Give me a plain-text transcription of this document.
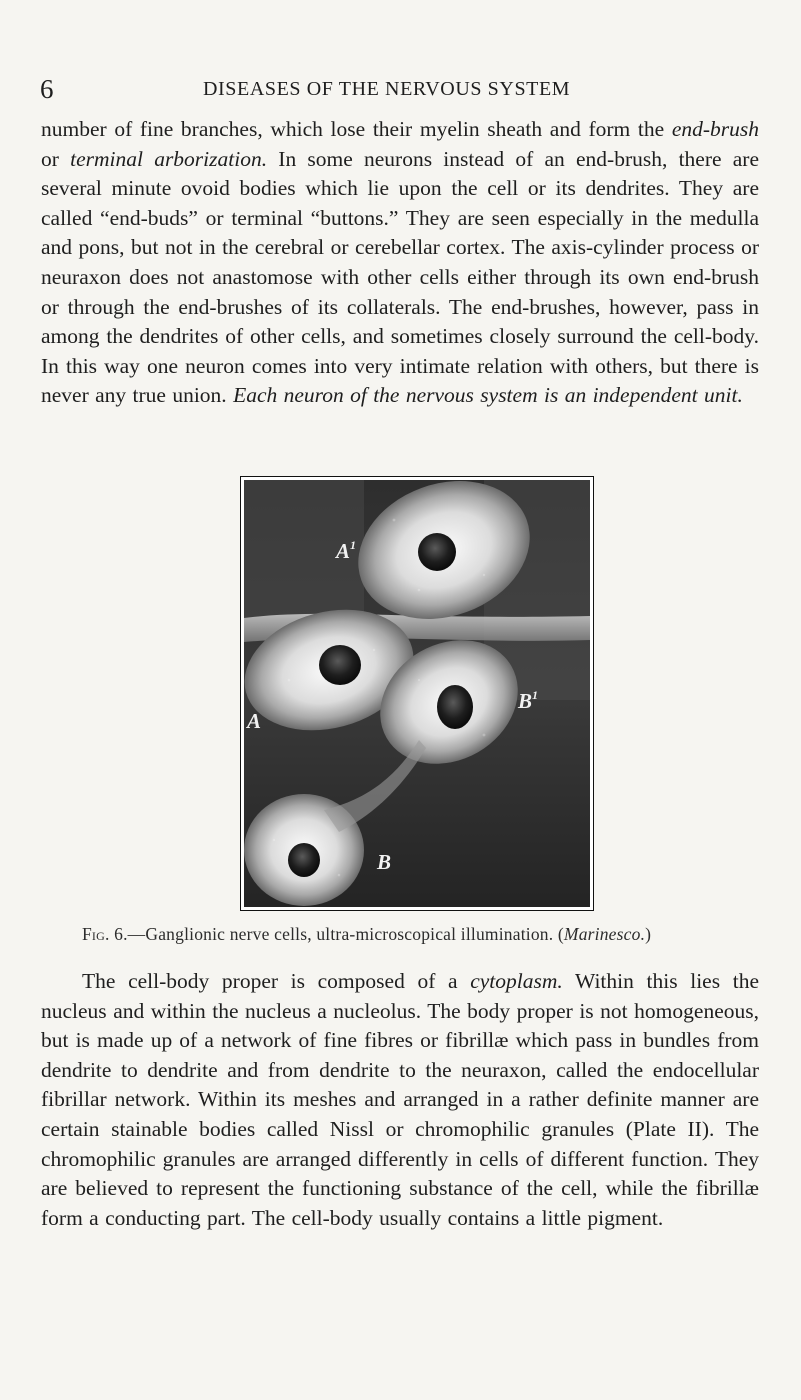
6	DISEASES OF THE NERVOUS SYSTEM

number of fine branches, which lose their myelin sheath and form the end-brush or terminal arborization. In some neurons instead of an end-brush, there are several minute ovoid bodies which lie upon the cell or its dendrites. They are called “end-buds” or terminal “buttons.” They are seen especially in the medulla and pons, but not in the cerebral or cerebellar cortex. The axis-cylinder process or neuraxon does not anastomose with other cells either through its own end-brush or through the end-brushes of its collaterals. The end-brushes, however, pass in among the dendrites of other cells, and sometimes closely surround the cell-body. In this way one neuron comes into very intimate relation with others, but there is never any true union. Each neuron of the nervous system is an independent unit.

$A^1$
A
$B^1$
B

Fig. 6.—Ganglionic nerve cells, ultra-microscopical illumination. (Marinesco.)

The cell-body proper is composed of a cytoplasm. Within this lies the nucleus and within the nucleus a nucleolus. The body proper is not homogeneous, but is made up of a network of fine fibres or fibrillæ which pass in bundles from dendrite to dendrite and from dendrite to the neuraxon, called the endocellular fibrillar network. Within its meshes and arranged in a rather definite manner are certain stainable bodies called Nissl or chromophilic granules (Plate II). The chromophilic granules are arranged differently in cells of different function. They are believed to represent the functioning substance of the cell, while the fibrillæ form a conducting part. The cell-body usually contains a little pigment.
